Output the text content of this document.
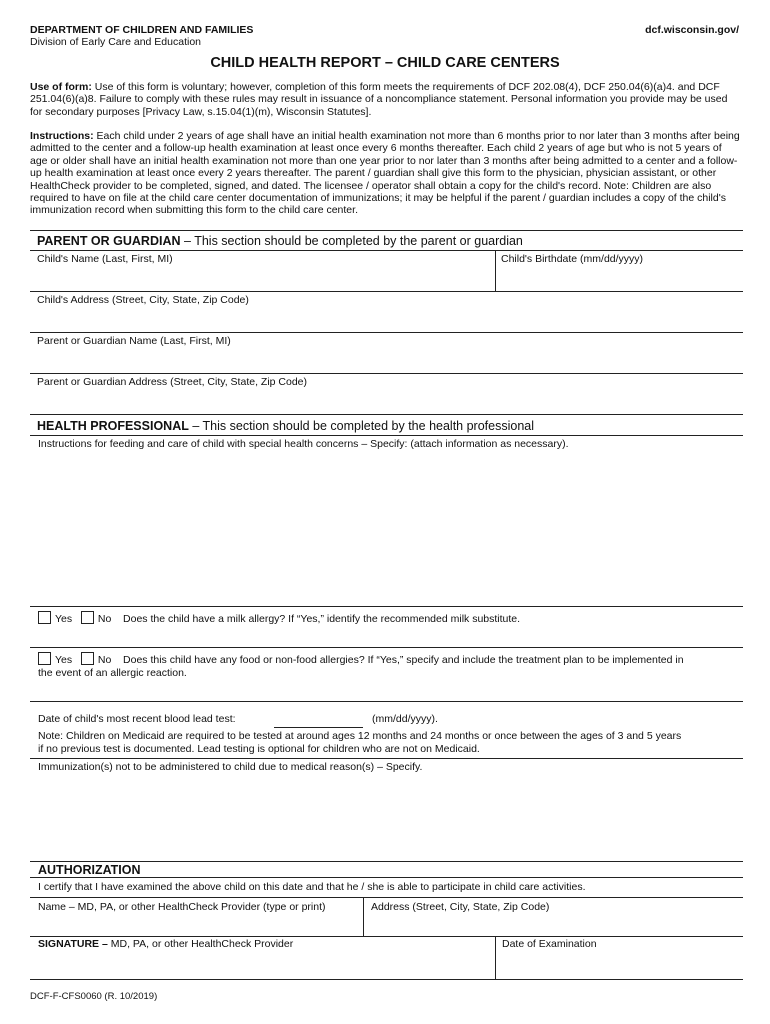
DEPARTMENT OF CHILDREN AND FAMILIES
Division of Early Care and Education
dcf.wisconsin.gov/
CHILD HEALTH REPORT – CHILD CARE CENTERS
Use of form: Use of this form is voluntary; however, completion of this form meets the requirements of DCF 202.08(4), DCF 250.04(6)(a)4. and DCF 251.04(6)(a)8. Failure to comply with these rules may result in issuance of a noncompliance statement. Personal information you provide may be used for secondary purposes [Privacy Law, s.15.04(1)(m), Wisconsin Statutes].
Instructions: Each child under 2 years of age shall have an initial health examination not more than 6 months prior to nor later than 3 months after being admitted to the center and a follow-up health examination at least once every 6 months thereafter. Each child 2 years of age but who is not 5 years of age or older shall have an initial health examination not more than one year prior to nor later than 3 months after being admitted to a center and a follow-up health examination at least once every 2 years thereafter. The parent / guardian shall give this form to the physician, physician assistant, or other HealthCheck provider to be completed, signed, and dated. The licensee / operator shall obtain a copy for the child's record. Note: Children are also required to have on file at the child care center documentation of immunizations; it may be helpful if the parent / guardian includes a copy of the child's immunization record when submitting this form to the child care center.
PARENT OR GUARDIAN – This section should be completed by the parent or guardian
Child's Name (Last, First, MI)	Child's Birthdate (mm/dd/yyyy)
Child's Address (Street, City, State, Zip Code)
Parent or Guardian Name (Last, First, MI)
Parent or Guardian Address (Street, City, State, Zip Code)
HEALTH PROFESSIONAL – This section should be completed by the health professional
Instructions for feeding and care of child with special health concerns – Specify: (attach information as necessary).
Yes No Does the child have a milk allergy? If “Yes,” identify the recommended milk substitute.
Yes No Does this child have any food or non-food allergies? If “Yes,” specify and include the treatment plan to be implemented in
the event of an allergic reaction.
Date of child's most recent blood lead test:	(mm/dd/yyyy).
Note: Children on Medicaid are required to be tested at around ages 12 months and 24 months or once between the ages of 3 and 5 years
if no previous test is documented. Lead testing is optional for children who are not on Medicaid.
Immunization(s) not to be administered to child due to medical reason(s) – Specify.
AUTHORIZATION
I certify that I have examined the above child on this date and that he / she is able to participate in child care activities.
Name – MD, PA, or other HealthCheck Provider (type or print)	Address (Street, City, State, Zip Code)
SIGNATURE – MD, PA, or other HealthCheck Provider	Date of Examination
DCF-F-CFS0060 (R. 10/2019)
